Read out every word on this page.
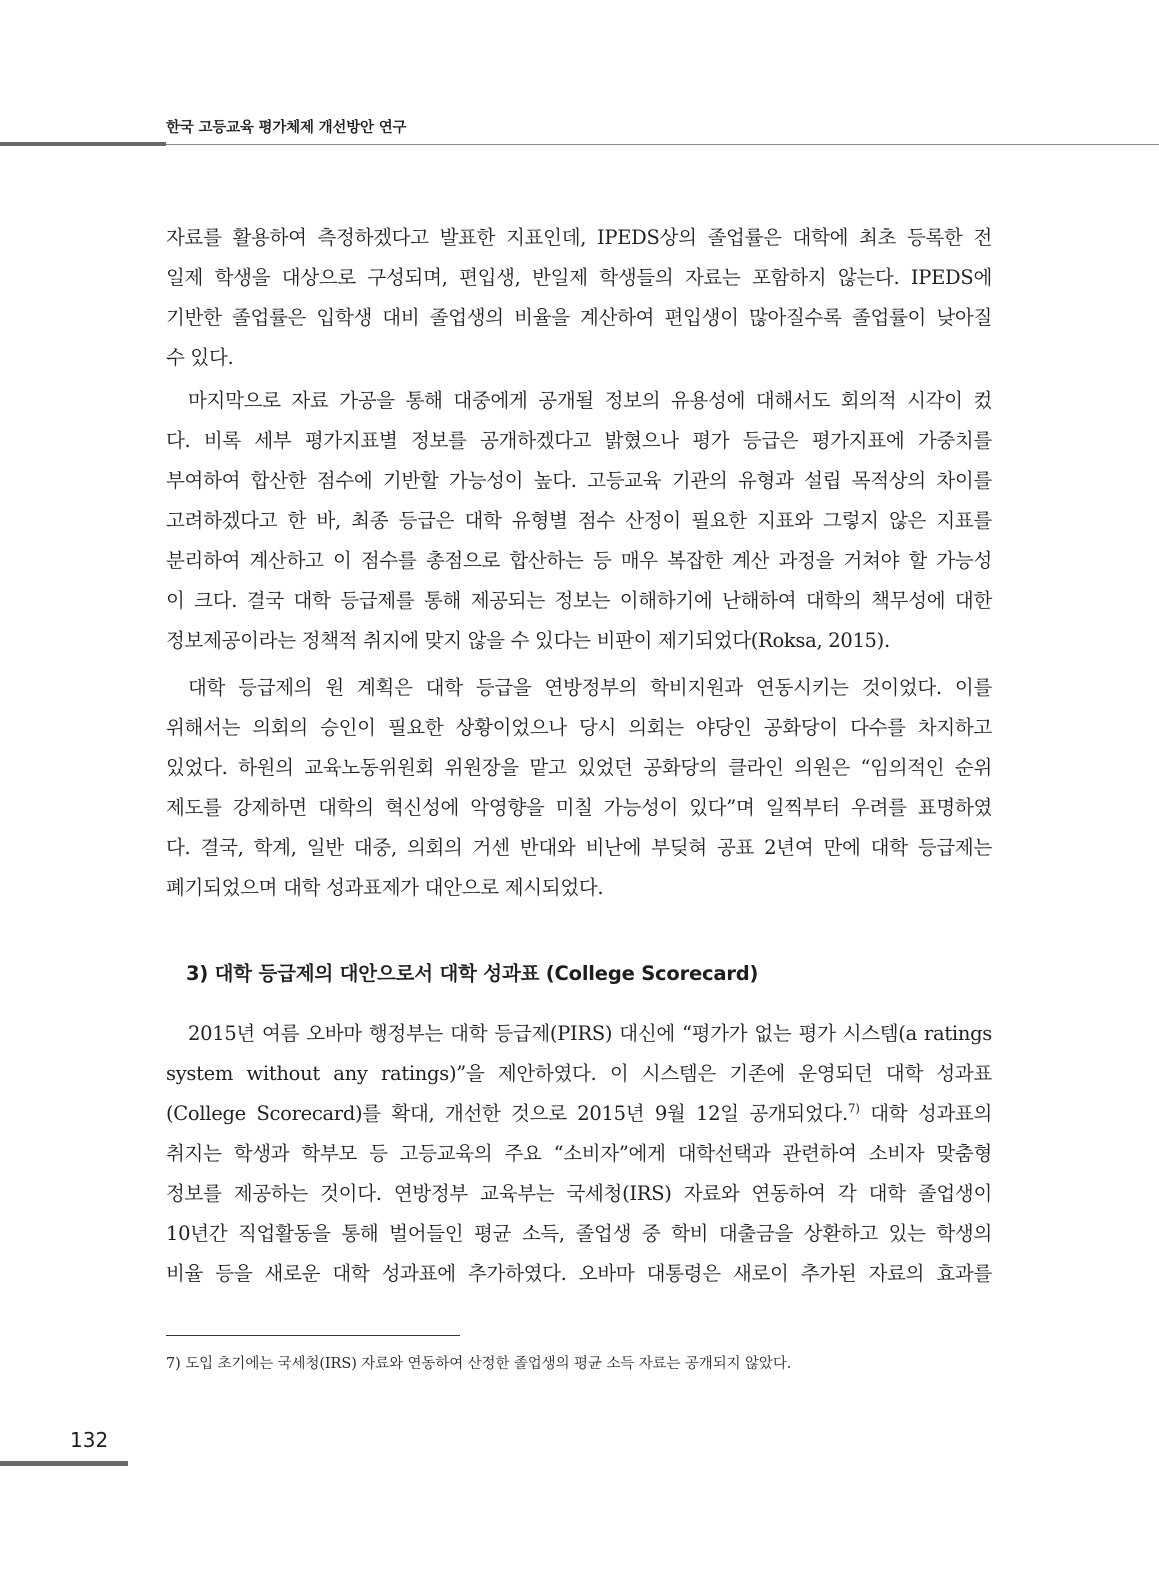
한국 고등교육 평가체제 개선방안 연구
자료를 활용하여 측정하겠다고 발표한 지표인데, IPEDS상의 졸업률은 대학에 최초 등록한 전
일제 학생을 대상으로 구성되며, 편입생, 반일제 학생들의 자료는 포함하지 않는다. IPEDS에
기반한 졸업률은 입학생 대비 졸업생의 비율을 계산하여 편입생이 많아질수록 졸업률이 낮아질
수 있다.
마지막으로 자료 가공을 통해 대중에게 공개될 정보의 유용성에 대해서도 회의적 시각이 컸
다. 비록 세부 평가지표별 정보를 공개하겠다고 밝혔으나 평가 등급은 평가지표에 가중치를
부여하여 합산한 점수에 기반할 가능성이 높다. 고등교육 기관의 유형과 설립 목적상의 차이를
고려하겠다고 한 바, 최종 등급은 대학 유형별 점수 산정이 필요한 지표와 그렇지 않은 지표를
분리하여 계산하고 이 점수를 총점으로 합산하는 등 매우 복잡한 계산 과정을 거쳐야 할 가능성
이 크다. 결국 대학 등급제를 통해 제공되는 정보는 이해하기에 난해하여 대학의 책무성에 대한
정보제공이라는 정책적 취지에 맞지 않을 수 있다는 비판이 제기되었다(Roksa, 2015).
대학 등급제의 원 계획은 대학 등급을 연방정부의 학비지원과 연동시키는 것이었다. 이를
위해서는 의회의 승인이 필요한 상황이었으나 당시 의회는 야당인 공화당이 다수를 차지하고
있었다. 하원의 교육노동위원회 위원장을 맡고 있었던 공화당의 클라인 의원은 “임의적인 순위
제도를 강제하면 대학의 혁신성에 악영향을 미칠 가능성이 있다”며 일찍부터 우려를 표명하였
다. 결국, 학계, 일반 대중, 의회의 거센 반대와 비난에 부딪혀 공표 2년여 만에 대학 등급제는
폐기되었으며 대학 성과표제가 대안으로 제시되었다.
3) 대학 등급제의 대안으로서 대학 성과표 (College Scorecard)
2015년 여름 오바마 행정부는 대학 등급제(PIRS) 대신에 “평가가 없는 평가 시스템(a ratings
system without any ratings)”을 제안하였다. 이 시스템은 기존에 운영되던 대학 성과표
(College Scorecard)를 확대, 개선한 것으로 2015년 9월 12일 공개되었다.$^{7)}$ 대학 성과표의
취지는 학생과 학부모 등 고등교육의 주요 “소비자”에게 대학선택과 관련하여 소비자 맞춤형
정보를 제공하는 것이다. 연방정부 교육부는 국세청(IRS) 자료와 연동하여 각 대학 졸업생이
10년간 직업활동을 통해 벌어들인 평균 소득, 졸업생 중 학비 대출금을 상환하고 있는 학생의
비율 등을 새로운 대학 성과표에 추가하였다. 오바마 대통령은 새로이 추가된 자료의 효과를
7) 도입 초기에는 국세청(IRS) 자료와 연동하여 산정한 졸업생의 평균 소득 자료는 공개되지 않았다.
132
